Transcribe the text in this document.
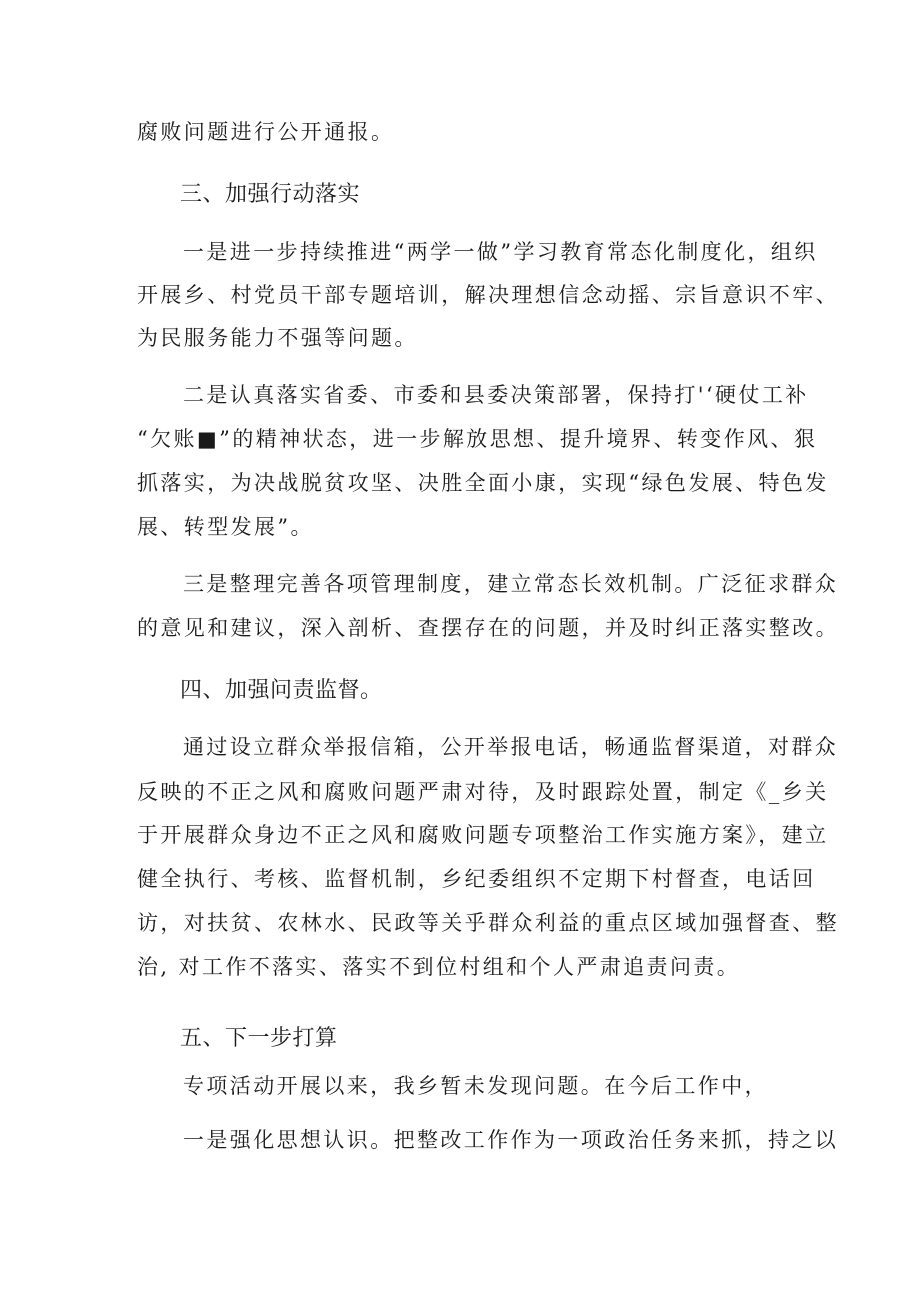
腐败问题进行公开通报。
三、加强行动落实
一是进一步持续推进“两学一做”学习教育常态化制度化，组织
开展乡、村党员干部专题培训，解决理想信念动摇、宗旨意识不牢、
为民服务能力不强等问题。
二是认真落实省委、市委和县委决策部署，保持打'‘硬仗工补
“欠账■”的精神状态，进一步解放思想、提升境界、转变作风、狠
抓落实，为决战脱贫攻坚、决胜全面小康，实现“绿色发展、特色发
展、转型发展”。
三是整理完善各项管理制度，建立常态长效机制。广泛征求群众
的意见和建议，深入剖析、查摆存在的问题，并及时纠正落实整改。
四、加强问责监督。
通过设立群众举报信箱，公开举报电话，畅通监督渠道，对群众
反映的不正之风和腐败问题严肃对待，及时跟踪处置，制定《_乡关
于开展群众身边不正之风和腐败问题专项整治工作实施方案》，建立
健全执行、考核、监督机制，乡纪委组织不定期下村督查，电话回
访，对扶贫、农林水、民政等关乎群众利益的重点区域加强督查、整
治, 对工作不落实、落实不到位村组和个人严肃追责问责。
五、下一步打算
专项活动开展以来，我乡暂未发现问题。在今后工作中，
一是强化思想认识。把整改工作作为一项政治任务来抓，持之以
